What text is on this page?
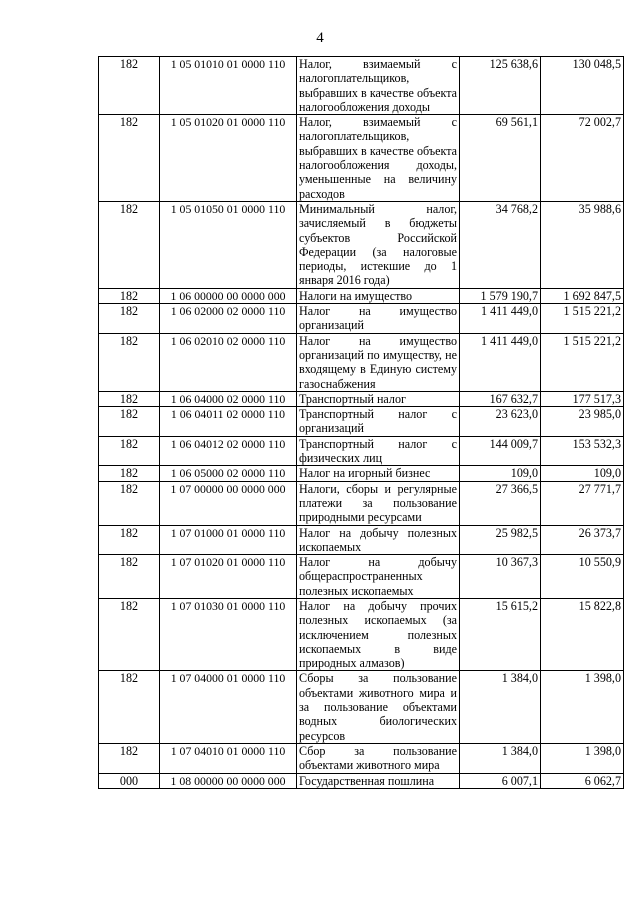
4
182	1 05 01010 01 0000 110	Налог, взимаемый с налогоплательщиков, выбравших в качестве объекта налогообложения доходы	125 638,6	130 048,5
182	1 05 01020 01 0000 110	Налог, взимаемый с налогоплательщиков, выбравших в качестве объекта налогообложения доходы, уменьшенные на величину расходов	69 561,1	72 002,7
182	1 05 01050 01 0000 110	Минимальный налог, зачисляемый в бюджеты субъектов Российской Федерации (за налоговые периоды, истекшие до 1 января 2016 года)	34 768,2	35 988,6
182	1 06 00000 00 0000 000	Налоги на имущество	1 579 190,7	1 692 847,5
182	1 06 02000 02 0000 110	Налог на имущество организаций	1 411 449,0	1 515 221,2
182	1 06 02010 02 0000 110	Налог на имущество организаций по имуществу, не входящему в Единую систему газоснабжения	1 411 449,0	1 515 221,2
182	1 06 04000 02 0000 110	Транспортный налог	167 632,7	177 517,3
182	1 06 04011 02 0000 110	Транспортный налог с организаций	23 623,0	23 985,0
182	1 06 04012 02 0000 110	Транспортный налог с физических лиц	144 009,7	153 532,3
182	1 06 05000 02 0000 110	Налог на игорный бизнес	109,0	109,0
182	1 07 00000 00 0000 000	Налоги, сборы и регулярные платежи за пользование природными ресурсами	27 366,5	27 771,7
182	1 07 01000 01 0000 110	Налог на добычу полезных ископаемых	25 982,5	26 373,7
182	1 07 01020 01 0000 110	Налог на добычу общераспространенных полезных ископаемых	10 367,3	10 550,9
182	1 07 01030 01 0000 110	Налог на добычу прочих полезных ископаемых (за исключением полезных ископаемых в виде природных алмазов)	15 615,2	15 822,8
182	1 07 04000 01 0000 110	Сборы за пользование объектами животного мира и за пользование объектами водных биологических ресурсов	1 384,0	1 398,0
182	1 07 04010 01 0000 110	Сбор за пользование объектами животного мира	1 384,0	1 398,0
000	1 08 00000 00 0000 000	Государственная пошлина	6 007,1	6 062,7
